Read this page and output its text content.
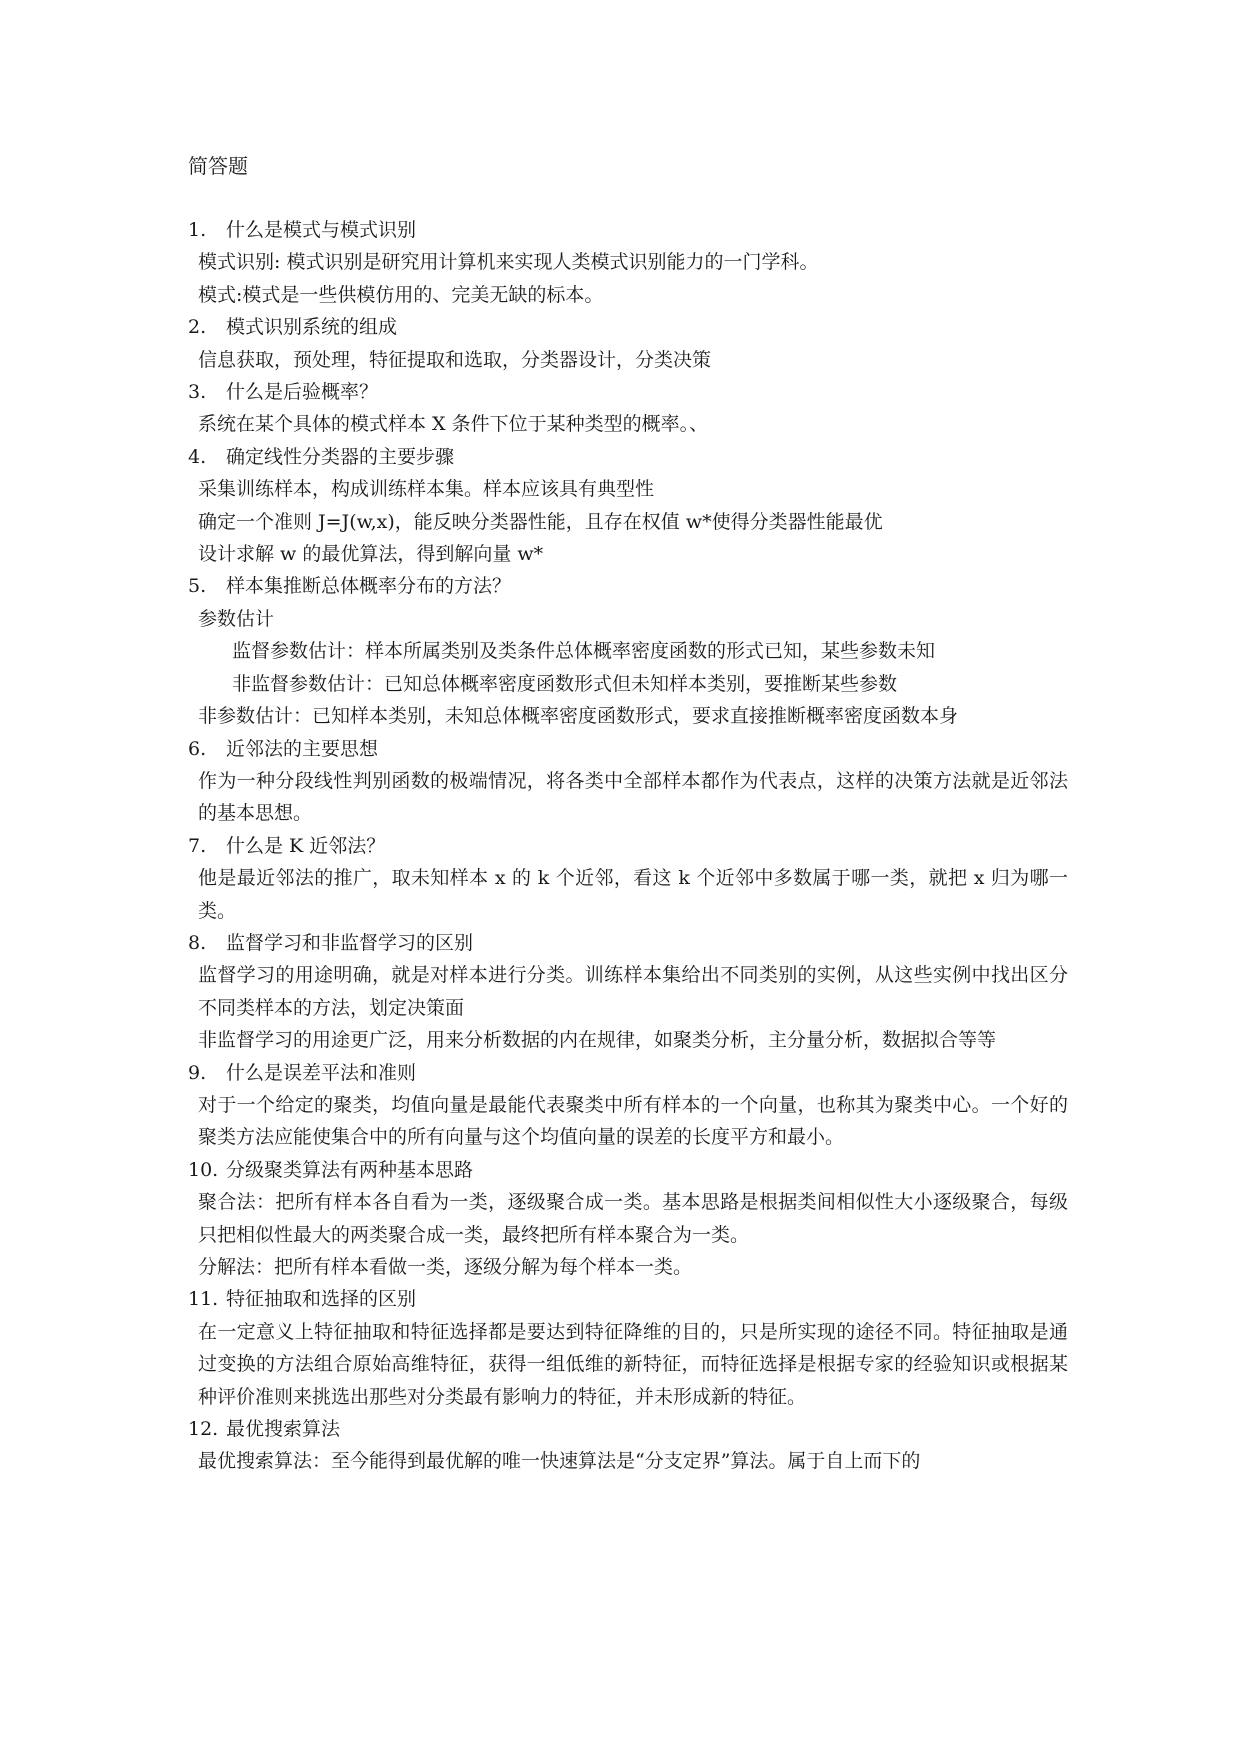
简答题

1. 什么是模式与模式识别

模式识别: 模式识别是研究用计算机来实现人类模式识别能力的一门学科。

模式:模式是一些供模仿用的、完美无缺的标本。

2. 模式识别系统的组成

信息获取，预处理，特征提取和选取，分类器设计，分类决策

3. 什么是后验概率？

系统在某个具体的模式样本 X 条件下位于某种类型的概率。、

4. 确定线性分类器的主要步骤

采集训练样本，构成训练样本集。样本应该具有典型性

确定一个准则 J=J(w,x)，能反映分类器性能，且存在权值 w*使得分类器性能最优

设计求解 w 的最优算法，得到解向量 w*

5. 样本集推断总体概率分布的方法？

参数估计

监督参数估计：样本所属类别及类条件总体概率密度函数的形式已知，某些参数未知

非监督参数估计：已知总体概率密度函数形式但未知样本类别，要推断某些参数

非参数估计：已知样本类别，未知总体概率密度函数形式，要求直接推断概率密度函数本身

6. 近邻法的主要思想

作为一种分段线性判别函数的极端情况，将各类中全部样本都作为代表点，这样的决策方法就是近邻法的基本思想。

7. 什么是 K 近邻法？

他是最近邻法的推广，取未知样本 x 的 k 个近邻，看这 k 个近邻中多数属于哪一类，就把 x 归为哪一类。

8. 监督学习和非监督学习的区别

监督学习的用途明确，就是对样本进行分类。训练样本集给出不同类别的实例，从这些实例中找出区分不同类样本的方法，划定决策面

非监督学习的用途更广泛，用来分析数据的内在规律，如聚类分析，主分量分析，数据拟合等等

9. 什么是误差平法和准则

对于一个给定的聚类，均值向量是最能代表聚类中所有样本的一个向量，也称其为聚类中心。一个好的聚类方法应能使集合中的所有向量与这个均值向量的误差的长度平方和最小。

10. 分级聚类算法有两种基本思路

聚合法：把所有样本各自看为一类，逐级聚合成一类。基本思路是根据类间相似性大小逐级聚合，每级只把相似性最大的两类聚合成一类，最终把所有样本聚合为一类。

分解法：把所有样本看做一类，逐级分解为每个样本一类。

11. 特征抽取和选择的区别

在一定意义上特征抽取和特征选择都是要达到特征降维的目的，只是所实现的途径不同。特征抽取是通过变换的方法组合原始高维特征，获得一组低维的新特征，而特征选择是根据专家的经验知识或根据某种评价准则来挑选出那些对分类最有影响力的特征，并未形成新的特征。

12. 最优搜索算法

最优搜索算法：至今能得到最优解的唯一快速算法是“分支定界”算法。属于自上而下的
